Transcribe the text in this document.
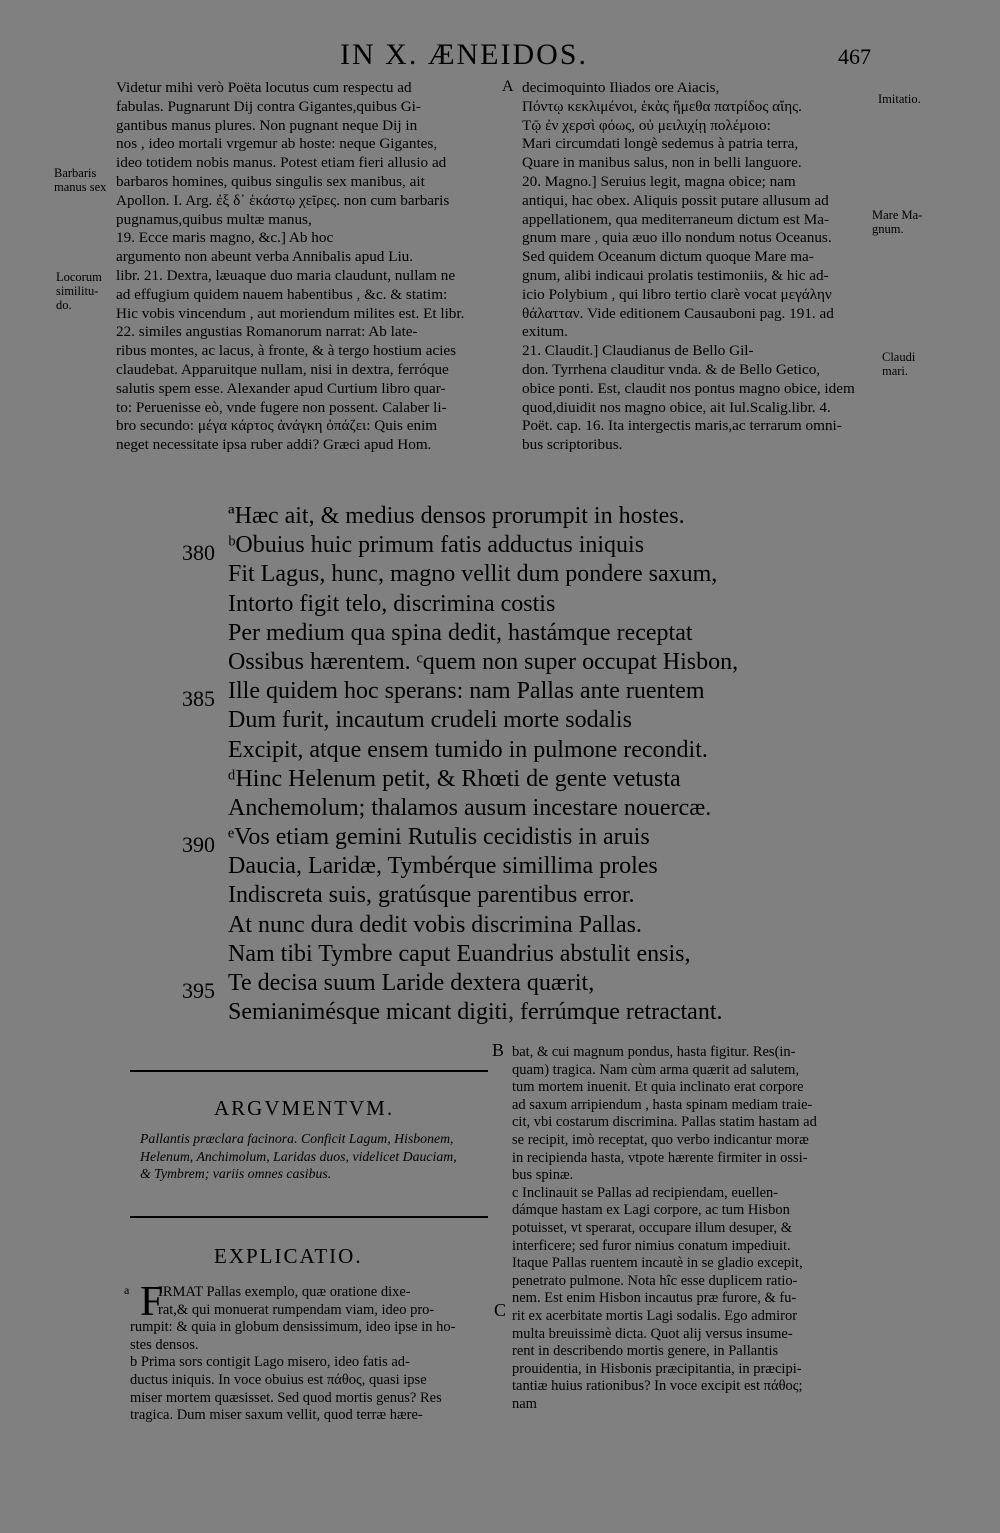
IN X. ÆNEIDOS.	467
Barbaris
manus sex
Locorum
similitu-
do.
Imitatio.
Mare Ma-
gnum.
Claudi
mari.
A
Videtur mihi verò Poëta locutus cum respectu ad
fabulas. Pugnarunt Dij contra Gigantes,quibus Gi-
gantibus manus plures. Non pugnant neque Dij in
nos , ideo mortali vrgemur ab hoste: neque Gigantes,
ideo totidem nobis manus. Potest etiam fieri allusio ad
barbaros homines, quibus singulis sex manibus, ait
Apollon. I. Arg. ἐξ δ᾽ ἑκάστῳ χεῖρες. non cum barbaris
pugnamus,quibus multæ manus,
19. Ecce maris magno, &c.] Ab hoc
argumento non abeunt verba Annibalis apud Liu.
libr. 21. Dextra, læuaque duo maria claudunt, nullam ne
ad effugium quidem nauem habentibus , &c. & statim:
Hic vobis vincendum , aut moriendum milites est. Et libr.
22. similes angustias Romanorum narrat: Ab late-
ribus montes, ac lacus, à fronte, & à tergo hostium acies
claudebat. Apparuitque nullam, nisi in dextra, ferróque
salutis spem esse. Alexander apud Curtium libro quar-
to: Peruenisse eò, vnde fugere non possent. Calaber li-
bro secundo: μέγα κάρτος ἀνάγκη ὀπάζει: Quis enim
neget necessitate ipsa ruber addi? Græci apud Hom.
decimoquinto Iliados ore Aiacis,
Πόντῳ κεκλιμένοι, ἑκὰς ἥμεθα πατρίδος αἴης.
Τῷ ἐν χερσὶ φόως, οὐ μειλιχίῃ πολέμοιο:
Mari circumdati longè sedemus à patria terra,
Quare in manibus salus, non in belli languore.
20. Magno.] Seruius legit, magna obice; nam
antiqui, hac obex. Aliquis possit putare allusum ad
appellationem, qua mediterraneum dictum est Ma-
gnum mare , quia æuo illo nondum notus Oceanus.
Sed quidem Oceanum dictum quoque Mare ma-
gnum, alibi indicaui prolatis testimoniis, & hic ad-
icio Polybium , qui libro tertio clarè vocat μεγάλην
θάλατταν. Vide editionem Causauboni pag. 191. ad
exitum.
21. Claudit.] Claudianus de Bello Gil-
don. Tyrrhena clauditur vnda. & de Bello Getico,
obice ponti. Est, claudit nos pontus magno obice, idem
quod,diuidit nos magno obice, ait Iul.Scalig.libr. 4.
Poët. cap. 16. Ita intergectis maris,ac terrarum omni-
bus scriptoribus.
ªHæc ait, & medius densos prorumpit in hostes.
ᵇObuius huic primum fatis adductus iniquis
Fit Lagus, hunc, magno vellit dum pondere saxum,
Intorto figit telo, discrimina costis
Per medium qua spina dedit, hastámque receptat
Ossibus hærentem. ᶜquem non super occupat Hisbon,
Ille quidem hoc sperans: nam Pallas ante ruentem
Dum furit, incautum crudeli morte sodalis
Excipit, atque ensem tumido in pulmone recondit.
ᵈHinc Helenum petit, & Rhœti de gente vetusta
Anchemolum; thalamos ausum incestare nouercæ.
ᵉVos etiam gemini Rutulis cecidistis in aruis
Daucia, Laridæ, Tymbérque simillima proles
Indiscreta suis, gratúsque parentibus error.
At nunc dura dedit vobis discrimina Pallas.
Nam tibi Tymbre caput Euandrius abstulit ensis,
Te decisa suum Laride dextera quærit,
Semianimésque micant digiti, ferrúmque retractant.
380
385
390
395
ARGVMENTVM.
Pallantis præclara facinora. Conficit Lagum, Hisbonem,
Helenum, Anchimolum, Laridas duos, videlicet Dauciam,
& Tymbrem; variis omnes casibus.
EXPLICATIO.
B
C
a F
IRMAT Pallas exemplo, quæ oratione dixe-
rat,& qui monuerat rumpendam viam, ideo pro-
rumpit: & quia in globum densissimum, ideo ipse in ho-
stes densos.
b Prima sors contigit Lago misero, ideo fatis ad-
ductus iniquis. In voce obuius est πάθος, quasi ipse
miser mortem quæsisset. Sed quod mortis genus? Res
tragica. Dum miser saxum vellit, quod terræ hære-
bat, & cui magnum pondus, hasta figitur. Res(in-
quam) tragica. Nam cùm arma quærit ad salutem,
tum mortem inuenit. Et quia inclinato erat corpore
ad saxum arripiendum , hasta spinam mediam traie-
cit, vbi costarum discrimina. Pallas statim hastam ad
se recipit, imò receptat, quo verbo indicantur moræ
in recipienda hasta, vtpote hærente firmiter in ossi-
bus spinæ.
c Inclinauit se Pallas ad recipiendam, euellen-
dámque hastam ex Lagi corpore, ac tum Hisbon
potuisset, vt sperarat, occupare illum desuper, &
interficere; sed furor nimius conatum impediuit.
Itaque Pallas ruentem incautè in se gladio excepit,
penetrato pulmone. Nota hîc esse duplicem ratio-
nem. Est enim Hisbon incautus præ furore, & fu-
rit ex acerbitate mortis Lagi sodalis. Ego admiror
multa breuissimè dicta. Quot alij versus insume-
rent in describendo mortis genere, in Pallantis
prouidentia, in Hisbonis præcipitantia, in præcipi-
tantiæ huius rationibus? In voce excipit est πάθος;
nam
